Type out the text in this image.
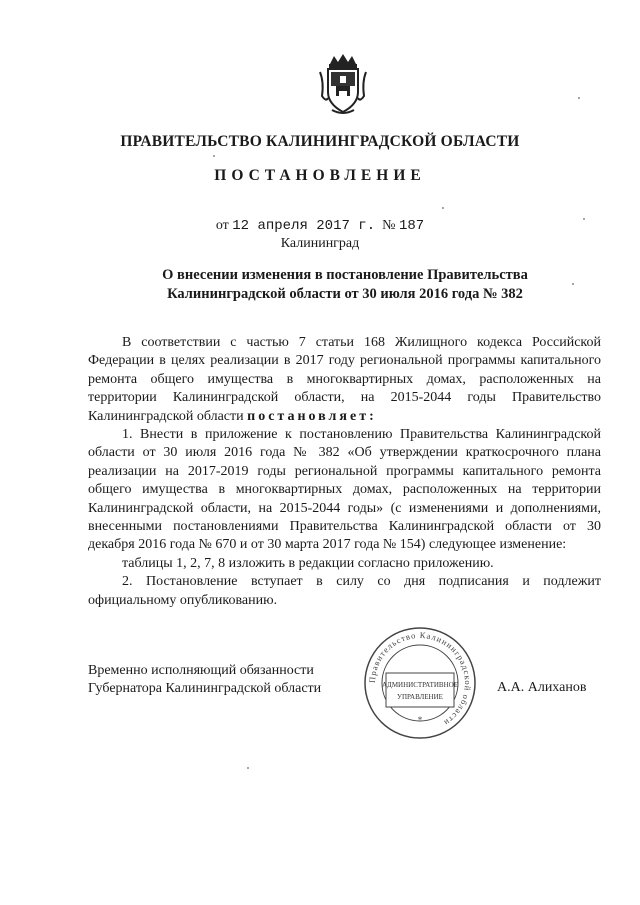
ПРАВИТЕЛЬСТВО КАЛИНИНГРАДСКОЙ ОБЛАСТИ
ПОСТАНОВЛЕНИЕ
от 12 апреля 2017 г. № 187
Калининград
О внесении изменения в постановление Правительства
Калининградской области от 30 июля 2016 года № 382

В соответствии с частью 7 статьи 168 Жилищного кодекса Российской Федерации в целях реализации в 2017 году региональной программы капитального ремонта общего имущества в многоквартирных домах, расположенных на территории Калининградской области, на 2015-2044 годы Правительство Калининградской области постановляет:

1. Внести в приложение к постановлению Правительства Калининградской области от 30 июля 2016 года № 382 «Об утверждении краткосрочного плана реализации на 2017-2019 годы региональной программы капитального ремонта общего имущества в многоквартирных домах, расположенных на территории Калининградской области, на 2015-2044 годы» (с изменениями и дополнениями, внесенными постановлениями Правительства Калининградской области от 30 декабря 2016 года № 670 и от 30 марта 2017 года № 154) следующее изменение:

таблицы 1, 2, 7, 8 изложить в редакции согласно приложению.

2. Постановление вступает в силу со дня подписания и подлежит официальному опубликованию.

Временно исполняющий обязанности
Губернатора Калининградской области
Правительство Калининградской области
АДМИНИСТРАТИВНОЕ
УПРАВЛЕНИЕ
*
А.А. Алиханов
